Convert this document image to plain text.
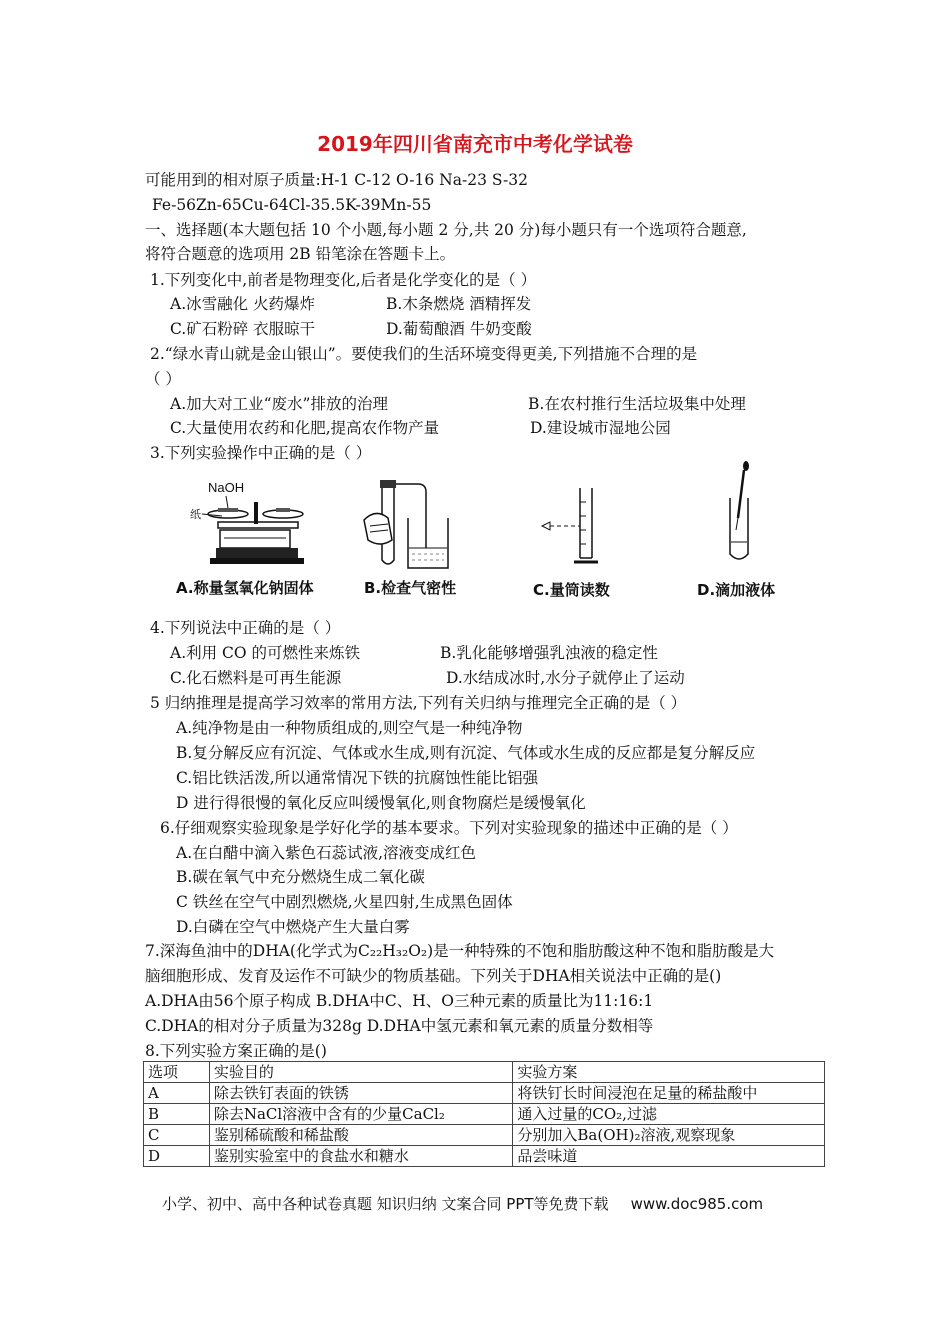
2019年四川省南充市中考化学试卷
可能用到的相对原子质量:H-1 C-12 O-16 Na-23 S-32
Fe-56Zn-65Cu-64Cl-35.5K-39Mn-55
一、选择题(本大题包括 10 个小题,每小题 2 分,共 20 分)每小题只有一个选项符合题意,
将符合题意的选项用 2B 铅笔涂在答题卡上。
1.下列变化中,前者是物理变化,后者是化学变化的是（ ）
A.冰雪融化 火药爆炸	B.木条燃烧 酒精挥发
C.矿石粉碎 衣服晾干	D.葡萄酿酒 牛奶变酸
2.“绿水青山就是金山银山”。要使我们的生活环境变得更美,下列措施不合理的是
（ ）
A.加大对工业“废水”排放的治理	B.在农村推行生活垃圾集中处理
C.大量使用农药和化肥,提高农作物产量	D.建设城市湿地公园
3.下列实验操作中正确的是（ ）
NaOH
纸
A.称量氢氧化钠固体	B.检查气密性	C.量筒读数	D.滴加液体
4.下列说法中正确的是（ ）
A.利用 CO 的可燃性来炼铁	B.乳化能够增强乳浊液的稳定性
C.化石燃料是可再生能源	D.水结成冰时,水分子就停止了运动
5 归纳推理是提高学习效率的常用方法,下列有关归纳与推理完全正确的是（ ）
A.纯净物是由一种物质组成的,则空气是一种纯净物
B.复分解反应有沉淀、气体或水生成,则有沉淀、气体或水生成的反应都是复分解反应
C.铝比铁活泼,所以通常情况下铁的抗腐蚀性能比铝强
D 进行得很慢的氧化反应叫缓慢氧化,则食物腐烂是缓慢氧化
6.仔细观察实验现象是学好化学的基本要求。下列对实验现象的描述中正确的是（ ）
A.在白醋中滴入紫色石蕊试液,溶液变成红色
B.碳在氧气中充分燃烧生成二氧化碳
C 铁丝在空气中剧烈燃烧,火星四射,生成黑色固体
D.白磷在空气中燃烧产生大量白雾
7.深海鱼油中的DHA(化学式为C₂₂H₃₂O₂)是一种特殊的不饱和脂肪酸这种不饱和脂肪酸是大
脑细胞形成、发育及运作不可缺少的物质基础。下列关于DHA相关说法中正确的是()
A.DHA由56个原子构成 B.DHA中C、H、O三种元素的质量比为11:16:1
C.DHA的相对分子质量为328g D.DHA中氢元素和氧元素的质量分数相等
8.下列实验方案正确的是()
选项	实验目的	实验方案
A	除去铁钉表面的铁锈	将铁钉长时间浸泡在足量的稀盐酸中
B	除去NaCl溶液中含有的少量CaCl₂	通入过量的CO₂,过滤
C	鉴别稀硫酸和稀盐酸	分别加入Ba(OH)₂溶液,观察现象
D	鉴别实验室中的食盐水和糖水	品尝味道
小学、初中、高中各种试卷真题 知识归纳 文案合同 PPT等免费下载 www.doc985.com
